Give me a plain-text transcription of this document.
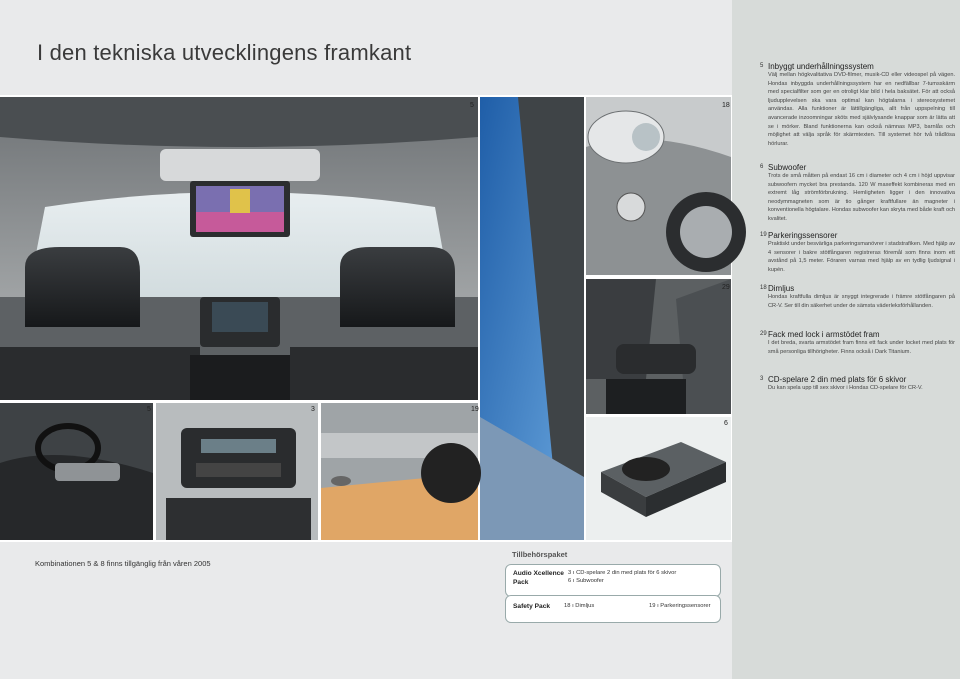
I den tekniska utvecklingens framkant
5	18
29
5	3	19
6
5 Inbyggt underhållningssystem
Välj mellan högkvalitativa DVD-filmer, musik-CD eller videospel på vägen. Hondas inbyggda underhållningssystem har en nedfällbar 7-tumsskärm med specialfilter som ger en otroligt klar bild i hela baksätet. För att också ljudupplevelsen ska vara optimal kan högtalarna i stereosystemet användas. Alla funktioner är lättillgängliga, allt från uppspelning till avancerade inzoomningar sköts med självlysande knappar som är lätta att se i mörker. Bland funktionerna kan också nämnas MP3, barnlås och möjlighet att välja språk för skärmtexten. Till systemet hör två trådlösa hörlurar.
6 Subwoofer
Trots de små måtten på endast 16 cm i diameter och 4 cm i höjd uppvisar subwoofern mycket bra prestanda. 120 W maxeffekt kombineras med en extremt låg strömförbrukning. Hemligheten ligger i den innovativa neodymmagneten som är tio gånger kraftfullare än magneter i konventionella högtalare. Hondas subwoofer kan skryta med både kraft och kvalitet.
19 Parkeringssensorer
Praktiskt under besvärliga parkeringsmanövrer i stadstrafiken. Med hjälp av 4 sensorer i bakre stötfångaren registreras föremål som finns inom ett avstånd på 1,5 meter. Föraren varnas med hjälp av en tydlig ljudsignal i kupén.
18 Dimljus
Hondas kraftfulla dimljus är snyggt integrerade i främre stötfångaren på CR-V. Ser till din säkerhet under de sämsta väderleksförhållanden.
29 Fack med lock i armstödet fram
I det breda, svarta armstödet fram finns ett fack under locket med plats för små personliga tillhörigheter. Finns också i Dark Titanium.
3 CD-spelare 2 din med plats för 6 skivor
Du kan spela upp till sex skivor i Hondas CD-spelare för CR-V.
Kombinationen 5 & 8 finns tillgänglig från våren 2005
Tillbehörspaket
Audio Xcellence Pack
3 ı CD-spelare 2 din med plats för 6 skivor
6 ı Subwoofer
Safety Pack 18 ı Dimljus	19 ı Parkeringssensorer
